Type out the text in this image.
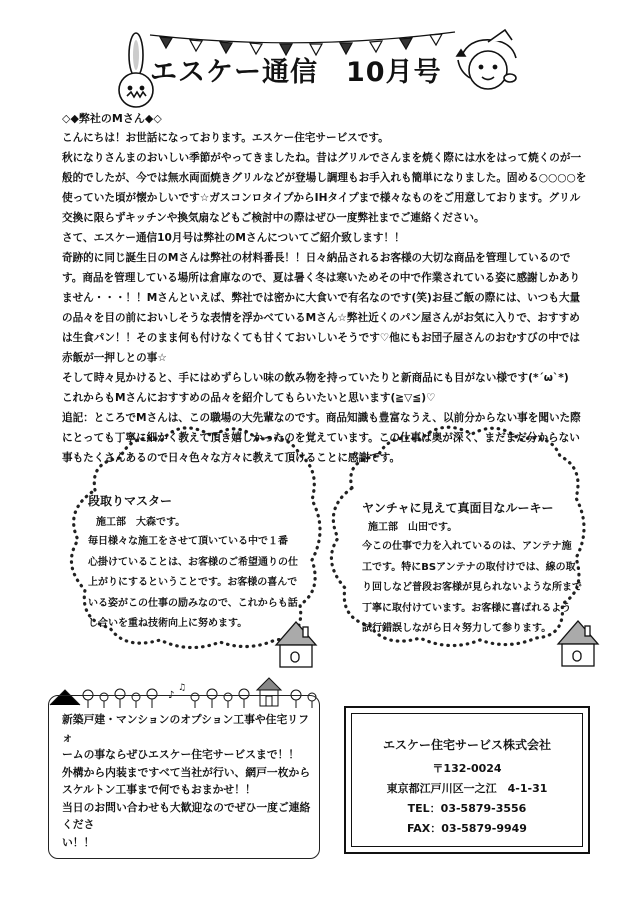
♪
♫
エスケー通信　10月号
◇◆弊社のMさん◆◇

こんにちは！お世話になっております。エスケー住宅サービスです。

秋になりさんまのおいしい季節がやってきましたね。昔はグリルでさんまを焼く際には水をはって焼くのが一般的でしたが、今では無水両面焼きグリルなどが登場し調理もお手入れも簡単になりました。固める○○○○を使っていた頃が懐かしいです☆ガスコンロタイプからIHタイプまで様々なものをご用意しております。グリル交換に限らずキッチンや換気扇などもご検討中の際はぜひ一度弊社までご連絡ください。

さて、エスケー通信10月号は弊社のMさんについてご紹介致します！！

奇跡的に同じ誕生日のMさんは弊社の材料番長！！日々納品されるお客様の大切な商品を管理しているのです。商品を管理している場所は倉庫なので、夏は暑く冬は寒いためその中で作業されている姿に感謝しかありません・・・！！Mさんといえば、弊社では密かに大食いで有名なのです(笑)お昼ご飯の際には、いつも大量の品々を目の前においしそうな表情を浮かべているMさん☆弊社近くのパン屋さんがお気に入りで、おすすめは生食パン！！そのまま何も付けなくても甘くておいしいそうです♡他にもお団子屋さんのおむすびの中では赤飯が一押しとの事☆

そして時々見かけると、手にはめずらしい味の飲み物を持っていたりと新商品にも目がない様です(*´ω`*)

これからもMさんにおすすめの品々を紹介してもらいたいと思います(≧▽≦)♡

追記：ところでMさんは、この職場の大先輩なのです。商品知識も豊富なうえ、以前分からない事を聞いた際にとっても丁寧に細かく教えて頂き嬉しかったのを覚えています。この仕事は奥が深く、まだまだ分からない事もたくさんあるので日々色々な方々に教えて頂けることに感謝です。

段取りマスター
施工部　大森です。
毎日様々な施工をさせて頂いている中で１番
心掛けていることは、お客様のご希望通りの仕
上がりにするということです。お客様の喜んで
いる姿がこの仕事の励みなので、これからも話
し合いを重ね技術向上に努めます。
ヤンチャに見えて真面目なルーキー
施工部　山田です。
今この仕事で力を入れているのは、アンテナ施
工です。特にBSアンテナの取付けでは、線の取
り回しなど普段お客様が見られないような所まで
丁寧に取付けています。お客様に喜ばれるよう
試行錯誤しながら日々努力して参ります。

新築戸建・マンションのオプション工事や住宅リフォ

ームの事ならぜひエスケー住宅サービスまで！！

外構から内装まですべて当社が行い、網戸一枚から

スケルトン工事まで何でもおまかせ！！

当日のお問い合わせも大歓迎なのでぜひ一度ご連絡くださ

い！！

エスケー住宅サービス株式会社
〒132-0024
東京都江戸川区一之江　4-1-31
TEL：03-5879-3556
FAX：03-5879-9949
